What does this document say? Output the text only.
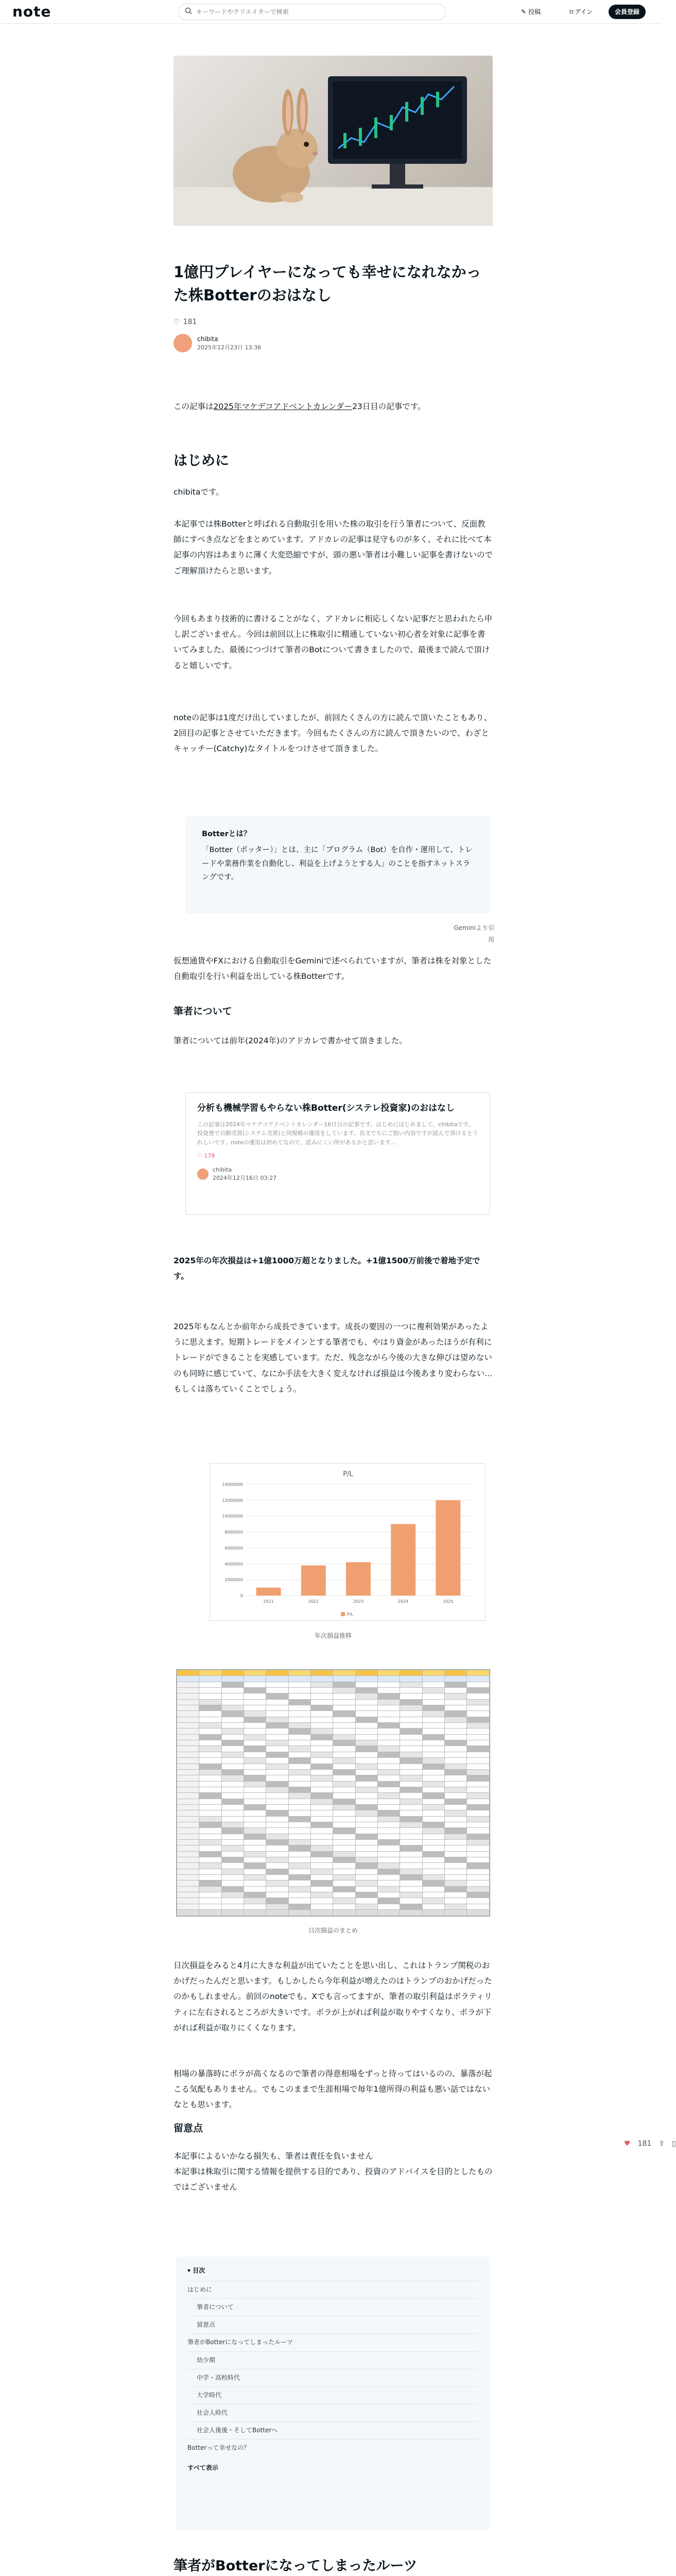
note
キーワードやクリエイターで検索	✎ 投稿	ログイン	会員登録
1億円プレイヤーになっても幸せになれなかった株Botterのおはなし
♡ 181
chibita
2025年12月23日 13:36

この記事は2025年マケデコアドベントカレンダー23日目の記事です。

はじめに

chibitaです。

本記事では株Botterと呼ばれる自動取引を用いた株の取引を行う筆者について、反面教師にすべき点などをまとめています。アドカレの記事は見守ものが多く、それに比べて本記事の内容はあまりに薄く大変恐縮ですが、頭の悪い筆者は小難しい記事を書けないのでご理解頂けたらと思います。

今回もあまり技術的に書けることがなく、アドカレに相応しくない記事だと思われたら申し訳ございません。今回は前回以上に株取引に精通していない初心者を対象に記事を書いてみました。最後につづけて筆者のBotについて書きましたので、最後まで読んで頂けると嬉しいです。

noteの記事は1度だけ出していましたが、前回たくさんの方に読んで頂いたこともあり、2回目の記事とさせていただきます。今回もたくさんの方に読んで頂きたいので、わざとキャッチー(Catchy)なタイトルをつけさせて頂きました。

Botterとは？
「Botter（ボッター）」とは、主に「プログラム（Bot）を自作・運用して、トレードや業務作業を自動化し、利益を上げようとする人」のことを指すネットスラングです。
Geminiより引用

仮想通貨やFXにおける自動取引をGeminiで述べられていますが、筆者は株を対象とした自動取引を行い利益を出している株Botterです。

筆者について

筆者については前年(2024年)のアドカレで書かせて頂きました。

分析も機械学習もやらない株Botter(システレ投資家)のおはなし
この記事は2024年マケデコアドベントカレンダー16日目の記事です。はじめにはじめまして、chibitaです。投資歴で自動売買(システム売買)と同規模の運用をしています。長文でちにご拙い内容ですが読んで頂けるとうれしいです。noteの運用は初めてなので、読みにくい所があるかと思います...
♡ 178
chibita
2024年12月16日 03:27

2025年の年次損益は+1億1000万超となりました。+1億1500万前後で着地予定です。

2025年もなんとか前年から成長できています。成長の要因の一つに複利効果があったように思えます。短期トレードをメインとする筆者でも、やはり資金があったほうが有利にトレードができることを実感しています。ただ、残念ながら今後の大きな伸びは望めないのも同時に感じていて、なにか手法を大きく変えなければ損益は今後あまり変わらない... もしくは落ちていくことでしょう。

P/L
0
2000000
4000000
6000000
8000000
10000000
12000000
14000000
2021	2022	2023	2024	2025
P/L
年次損益推移

日次損益のまとめ

日次損益をみると4月に大きな利益が出ていたことを思い出し、これはトランプ関税のおかげだったんだと思います。もしかしたら今年利益が増えたのはトランプのおかげだったのかもしれません。前回のnoteでも、Xでも言ってますが、筆者の取引利益はボラティリティに左右されるところが大きいです。ボラが上がれば利益が取りやすくなり、ボラが下がれば利益が取りにくくなります。

相場の暴落時にボラが高くなるので筆者の得意相場をずっと待ってはいるのの、暴落が起こる気配もありません。でもこのままで生涯相場で毎年1億所得の利益も悪い話ではないなとも思います。

♥ 181 ⇪ ▯
留意点

本記事によるいかなる損失も、筆者は責任を負いません
本記事は株取引に関する情報を提供する目的であり、投資のアドバイスを目的としたものではございません

▾ 目次
はじめに
筆者について
留意点
筆者がBotterになってしまったルーツ
幼少期
中学・高校時代
大学時代
社会人時代
社会人後後・そしてBotterへ
Botterって幸せなの？
すべて表示
筆者がBotterになってしまったルーツ
